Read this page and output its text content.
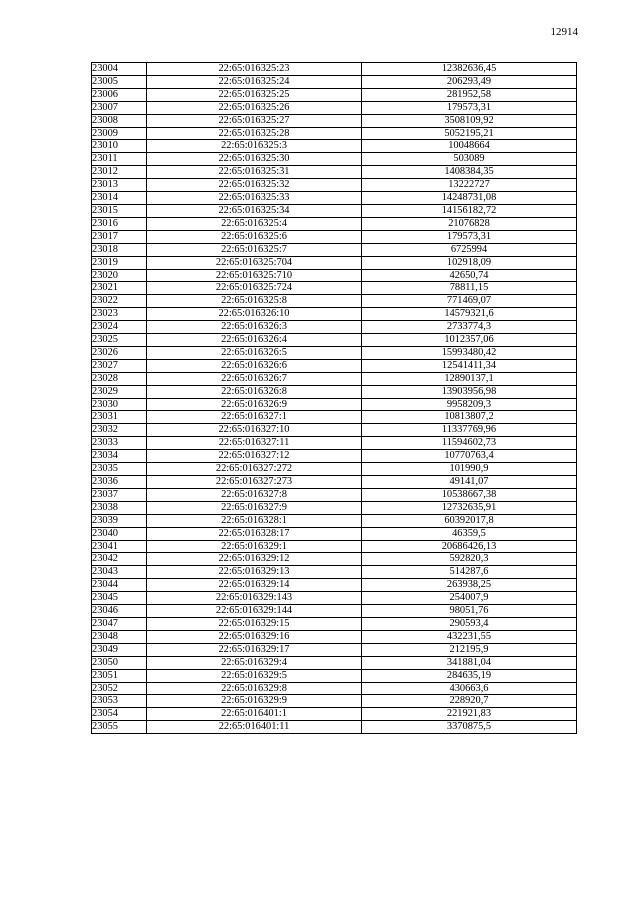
12914
23004	22:65:016325:23	12382636,45
23005	22:65:016325:24	206293,49
23006	22:65:016325:25	281952,58
23007	22:65:016325:26	179573,31
23008	22:65:016325:27	3508109,92
23009	22:65:016325:28	5052195,21
23010	22:65:016325:3	10048664
23011	22:65:016325:30	503089
23012	22:65:016325:31	1408384,35
23013	22:65:016325:32	13222727
23014	22:65:016325:33	14248731,08
23015	22:65:016325:34	14156182,72
23016	22:65:016325:4	21076828
23017	22:65:016325:6	179573,31
23018	22:65:016325:7	6725994
23019	22:65:016325:704	102918,09
23020	22:65:016325:710	42650,74
23021	22:65:016325:724	78811,15
23022	22:65:016325:8	771469,07
23023	22:65:016326:10	14579321,6
23024	22:65:016326:3	2733774,3
23025	22:65:016326:4	1012357,06
23026	22:65:016326:5	15993480,42
23027	22:65:016326:6	12541411,34
23028	22:65:016326:7	12890137,1
23029	22:65:016326:8	13903956,98
23030	22:65:016326:9	9958209,3
23031	22:65:016327:1	10813807,2
23032	22:65:016327:10	11337769,96
23033	22:65:016327:11	11594602,73
23034	22:65:016327:12	10770763,4
23035	22:65:016327:272	101990,9
23036	22:65:016327:273	49141,07
23037	22:65:016327:8	10538667,38
23038	22:65:016327:9	12732635,91
23039	22:65:016328:1	60392017,8
23040	22:65:016328:17	46359,5
23041	22:65:016329:1	20686426,13
23042	22:65:016329:12	592820,3
23043	22:65:016329:13	514287,6
23044	22:65:016329:14	263938,25
23045	22:65:016329:143	254007,9
23046	22:65:016329:144	98051,76
23047	22:65:016329:15	290593,4
23048	22:65:016329:16	432231,55
23049	22:65:016329:17	212195,9
23050	22:65:016329:4	341881,04
23051	22:65:016329:5	284635,19
23052	22:65:016329:8	430663,6
23053	22:65:016329:9	228920,7
23054	22:65:016401:1	221921,83
23055	22:65:016401:11	3370875,5
